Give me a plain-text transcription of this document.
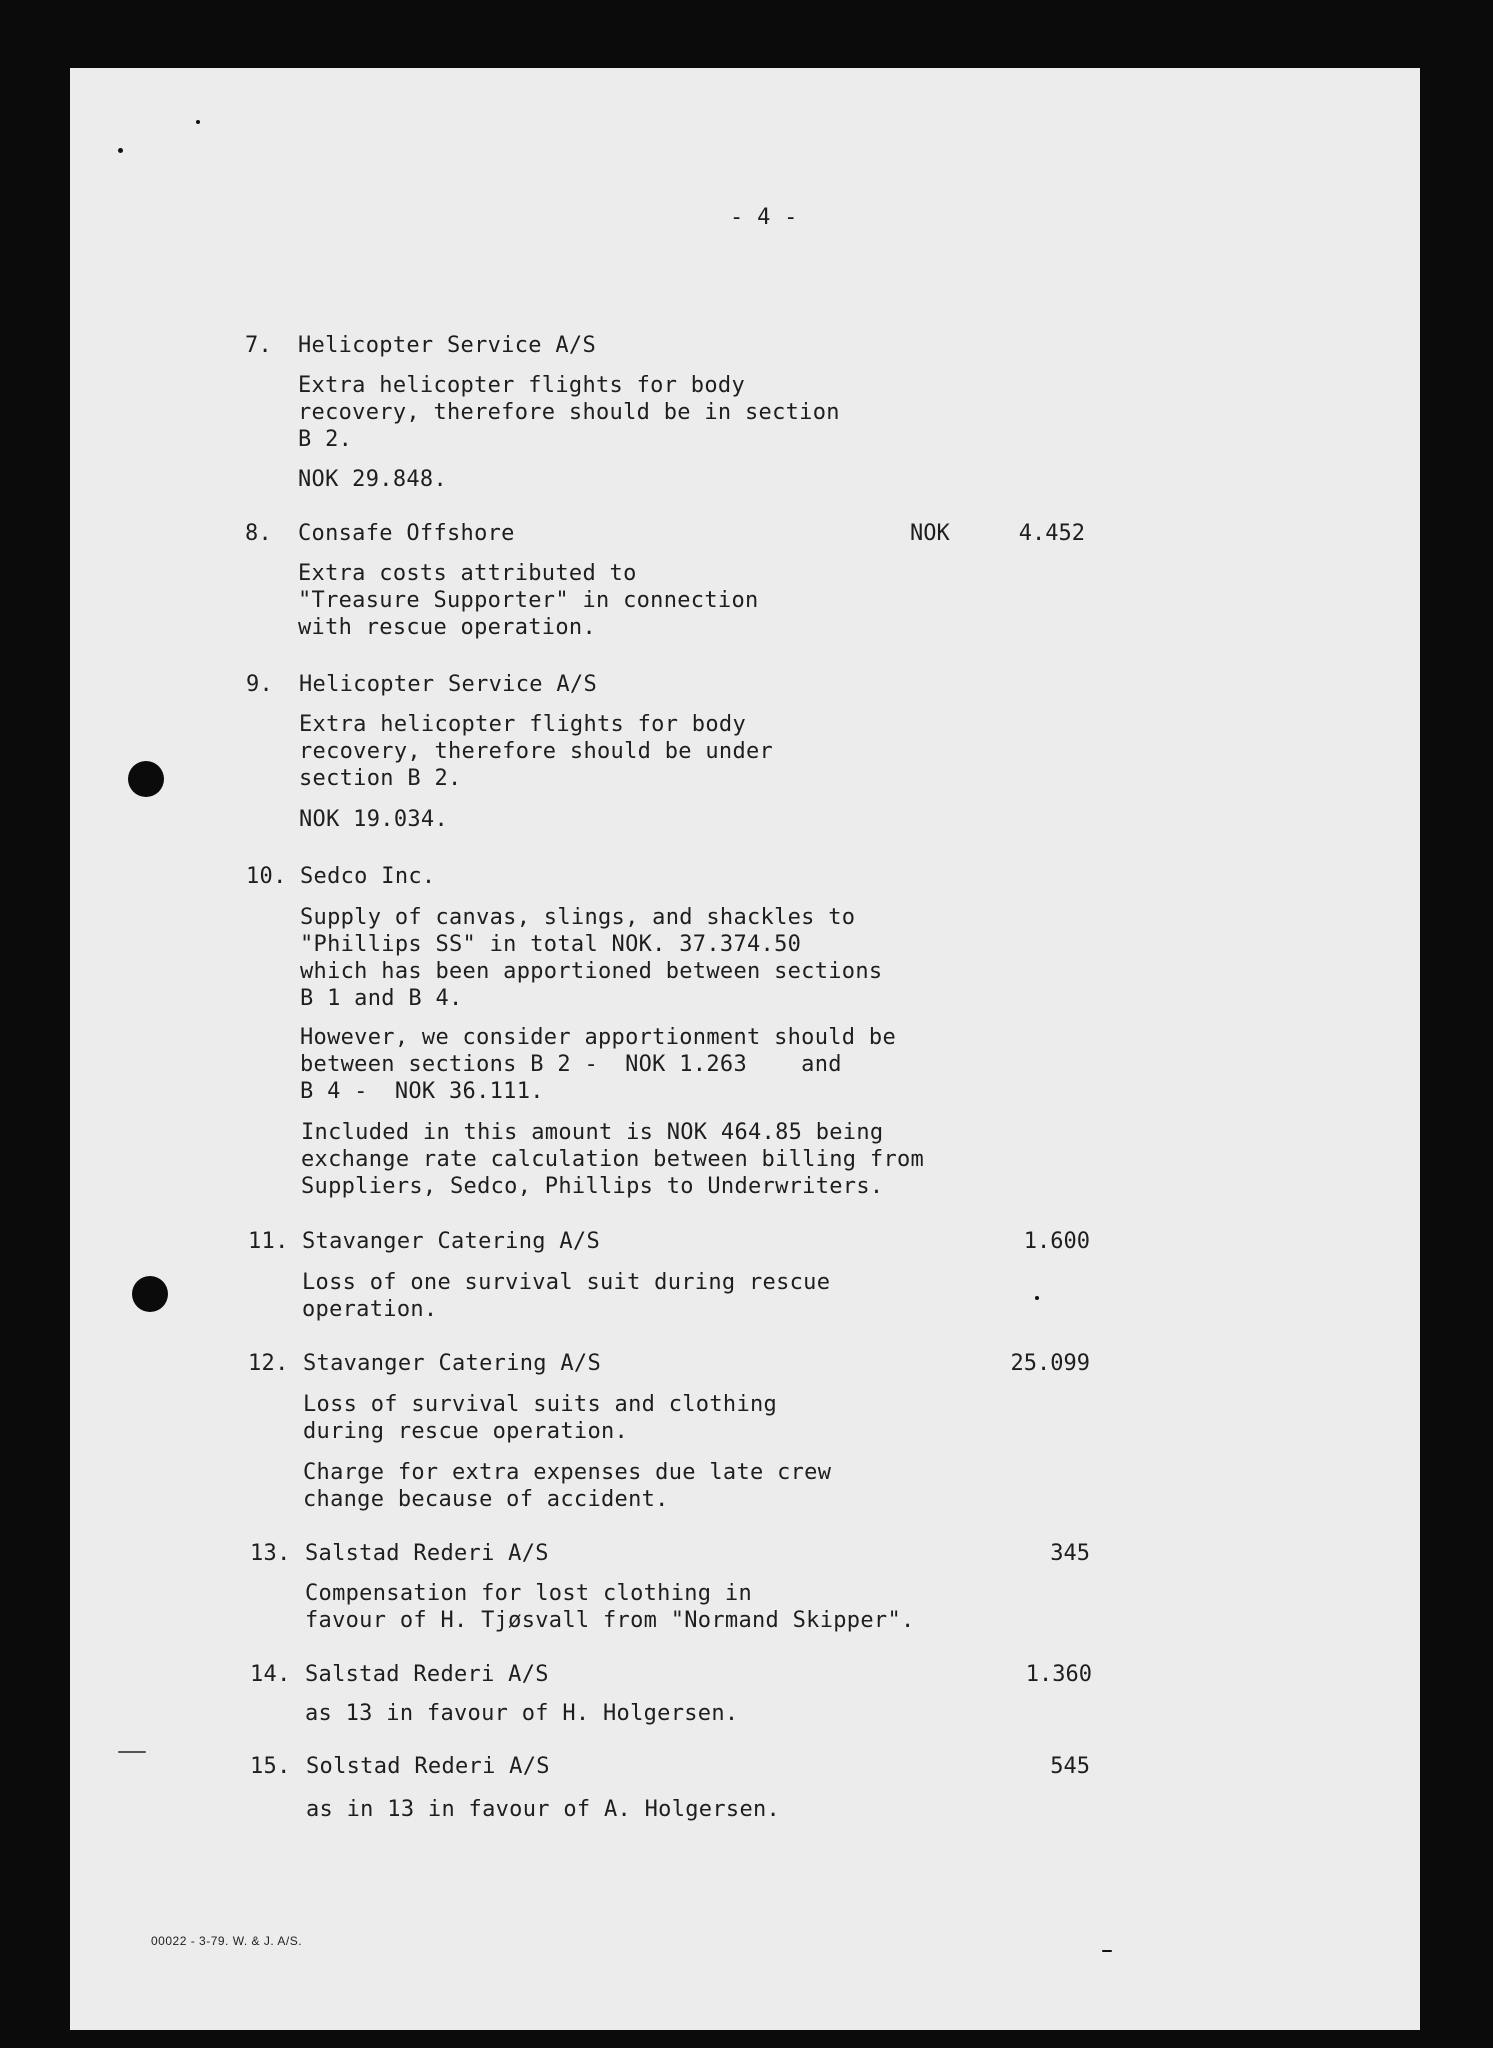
- 4 -
7. Helicopter Service A/S
Extra helicopter flights for body
recovery, therefore should be in section
B 2.
NOK 29.848.
8. Consafe Offshore	NOK	4.452
Extra costs attributed to
"Treasure Supporter" in connection
with rescue operation.
9. Helicopter Service A/S
Extra helicopter flights for body
recovery, therefore should be under
section B 2.
NOK 19.034.
10. Sedco Inc.
Supply of canvas, slings, and shackles to
"Phillips SS" in total NOK. 37.374.50
which has been apportioned between sections
B 1 and B 4.
However, we consider apportionment should be
between sections B 2 -  NOK 1.263    and
B 4 -  NOK 36.111.
Included in this amount is NOK 464.85 being
exchange rate calculation between billing from
Suppliers, Sedco, Phillips to Underwriters.
11. Stavanger Catering A/S	1.600
Loss of one survival suit during rescue
operation.
12. Stavanger Catering A/S	25.099
Loss of survival suits and clothing
during rescue operation.
Charge for extra expenses due late crew
change because of accident.
13. Salstad Rederi A/S	345
Compensation for lost clothing in
favour of H. Tjøsvall from "Normand Skipper".
14. Salstad Rederi A/S	1.360
as 13 in favour of H. Holgersen.
15. Solstad Rederi A/S	545
as in 13 in favour of A. Holgersen.
00022 - 3-79. W. & J. A/S.
